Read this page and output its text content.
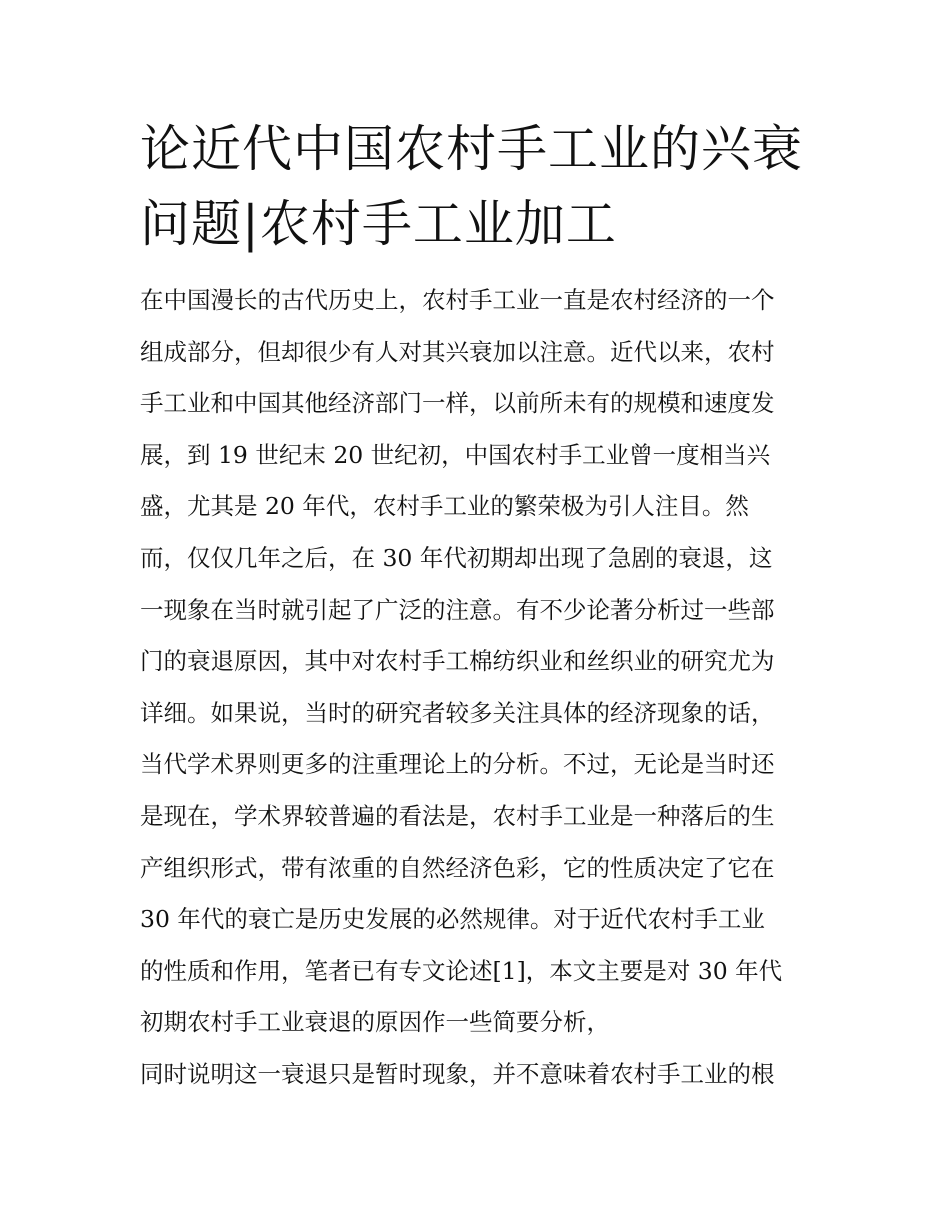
论近代中国农村手工业的兴衰
问题|农村手工业加工
在中国漫长的古代历史上，农村手工业一直是农村经济的一个
组成部分，但却很少有人对其兴衰加以注意。近代以来，农村
手工业和中国其他经济部门一样，以前所未有的规模和速度发
展，到 19 世纪末 20 世纪初，中国农村手工业曾一度相当兴
盛，尤其是 20 年代，农村手工业的繁荣极为引人注目。然
而，仅仅几年之后，在 30 年代初期却出现了急剧的衰退，这
一现象在当时就引起了广泛的注意。有不少论著分析过一些部
门的衰退原因，其中对农村手工棉纺织业和丝织业的研究尤为
详细。如果说，当时的研究者较多关注具体的经济现象的话，
当代学术界则更多的注重理论上的分析。不过，无论是当时还
是现在，学术界较普遍的看法是，农村手工业是一种落后的生
产组织形式，带有浓重的自然经济色彩，它的性质决定了它在
30 年代的衰亡是历史发展的必然规律。对于近代农村手工业
的性质和作用，笔者已有专文论述[1]，本文主要是对 30 年代
初期农村手工业衰退的原因作一些简要分析，
同时说明这一衰退只是暂时现象，并不意味着农村手工业的根
